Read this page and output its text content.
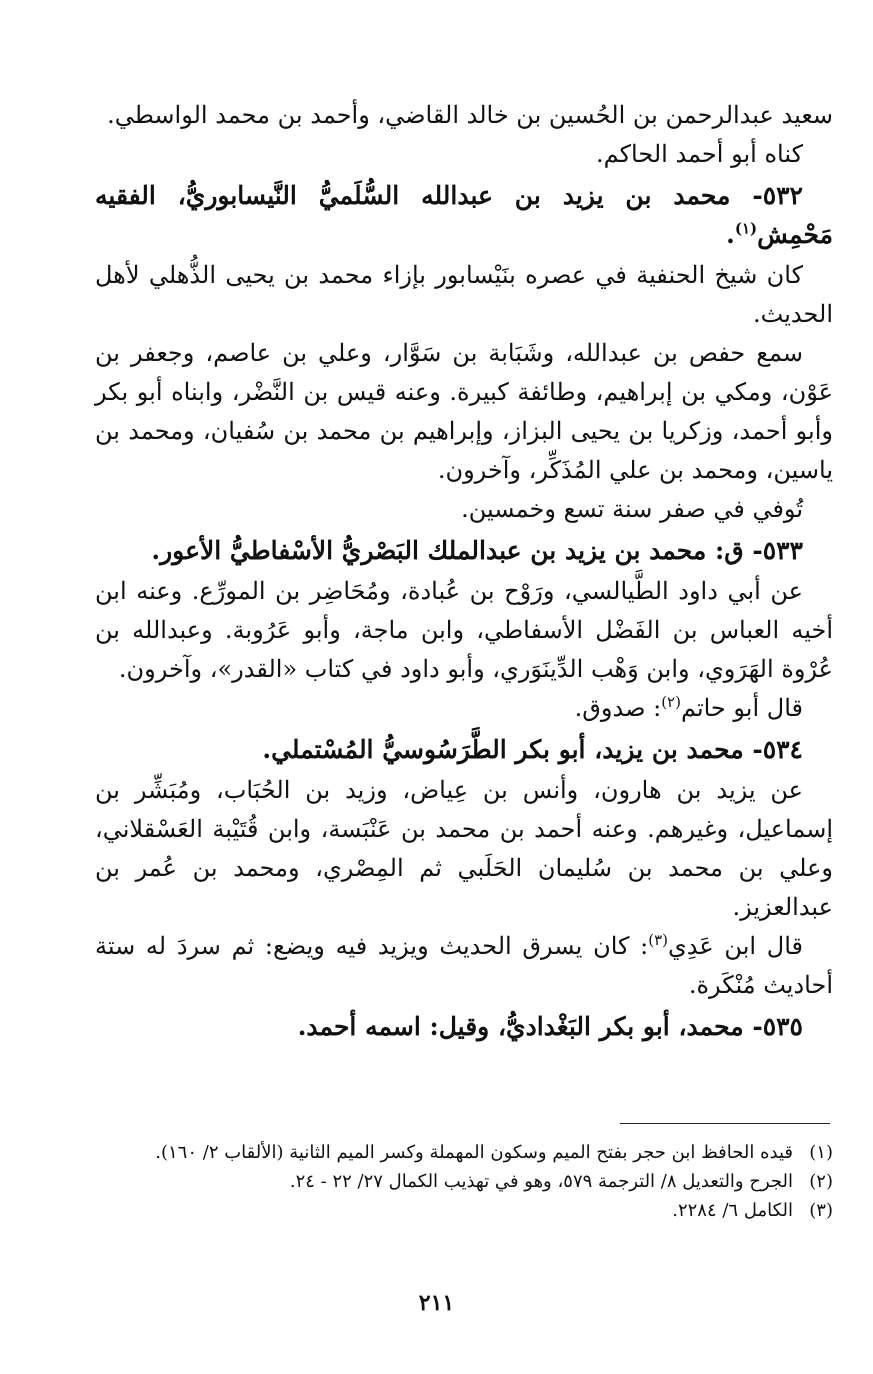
سعيد عبدالرحمن بن الحُسين بن خالد القاضي، وأحمد بن محمد الواسطي.

كناه أبو أحمد الحاكم.

٥٣٢- محمد بن يزيد بن عبدالله السُّلَميُّ النَّيسابوريُّ، الفقيه مَحْمِش$^{(١)}$.

كان شيخ الحنفية في عصره بنَيْسابور بإزاء محمد بن يحيى الذُّهلي لأهل الحديث.

سمع حفص بن عبدالله، وشَبَابة بن سَوَّار، وعلي بن عاصم، وجعفر بن عَوْن، ومكي بن إبراهيم، وطائفة كبيرة. وعنه قيس بن النَّضْر، وابناه أبو بكر وأبو أحمد، وزكريا بن يحيى البزاز، وإبراهيم بن محمد بن سُفيان، ومحمد بن ياسين، ومحمد بن علي المُذَكِّر، وآخرون.

تُوفي في صفر سنة تسع وخمسين.

٥٣٣- ق: محمد بن يزيد بن عبدالملك البَصْريُّ الأسْفاطيُّ الأعور.

عن أبي داود الطَّيالسي، ورَوْح بن عُبادة، ومُحَاضِر بن المورِّع. وعنه ابن أخيه العباس بن الفَضْل الأسفاطي، وابن ماجة، وأبو عَرُوبة. وعبدالله بن عُرْوة الهَرَوي، وابن وَهْب الدِّينَوَري، وأبو داود في كتاب «القدر»، وآخرون.

قال أبو حاتم$^{(٢)}$: صدوق.

٥٣٤- محمد بن يزيد، أبو بكر الطَّرَسُوسيُّ المُسْتملي.

عن يزيد بن هارون، وأنس بن عِياض، وزيد بن الحُبَاب، ومُبَشِّر بن إسماعيل، وغيرهم. وعنه أحمد بن محمد بن عَنْبَسة، وابن قُتَيْبة العَسْقلاني، وعلي بن محمد بن سُليمان الحَلَبي ثم المِصْري، ومحمد بن عُمر بن عبدالعزيز.

قال ابن عَدِي$^{(٣)}$: كان يسرق الحديث ويزيد فيه ويضع: ثم سردَ له ستة أحاديث مُنْكَرة.

٥٣٥- محمد، أبو بكر البَغْداديُّ، وقيل: اسمه أحمد.

(١)
قيده الحافظ ابن حجر بفتح الميم وسكون المهملة وكسر الميم الثانية (الألقاب ٢/ ١٦٠).

(٢)
الجرح والتعديل ٨/ الترجمة ٥٧٩، وهو في تهذيب الكمال ٢٧/ ٢٢ - ٢٤.

(٣)
الكامل ٦/ ٢٢٨٤.

٢١١
